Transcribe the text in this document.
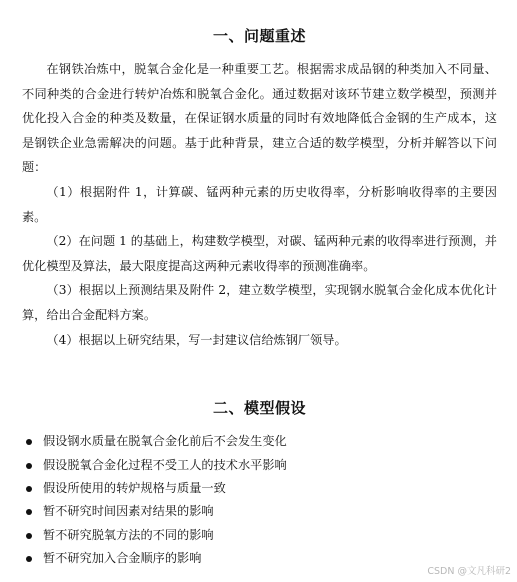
一、问题重述

在钢铁冶炼中，脱氧合金化是一种重要工艺。根据需求成品钢的种类加入不同量、不同种类的合金进行转炉冶炼和脱氧合金化。通过数据对该环节建立数学模型，预测并优化投入合金的种类及数量，在保证钢水质量的同时有效地降低合金钢的生产成本，这是钢铁企业急需解决的问题。基于此种背景，建立合适的数学模型，分析并解答以下问题：

（1）根据附件 1，计算碳、锰两种元素的历史收得率，分析影响收得率的主要因素。

（2）在问题 1 的基础上，构建数学模型，对碳、锰两种元素的收得率进行预测，并优化模型及算法，最大限度提高这两种元素收得率的预测准确率。

（3）根据以上预测结果及附件 2，建立数学模型，实现钢水脱氧合金化成本优化计算，给出合金配料方案。

（4）根据以上研究结果，写一封建议信给炼钢厂领导。

二、模型假设
假设钢水质量在脱氧合金化前后不会发生变化
假设脱氧合金化过程不受工人的技术水平影响
假设所使用的转炉规格与质量一致
暂不研究时间因素对结果的影响
暂不研究脱氧方法的不同的影响
暂不研究加入合金顺序的影响
CSDN @文凡科研2
